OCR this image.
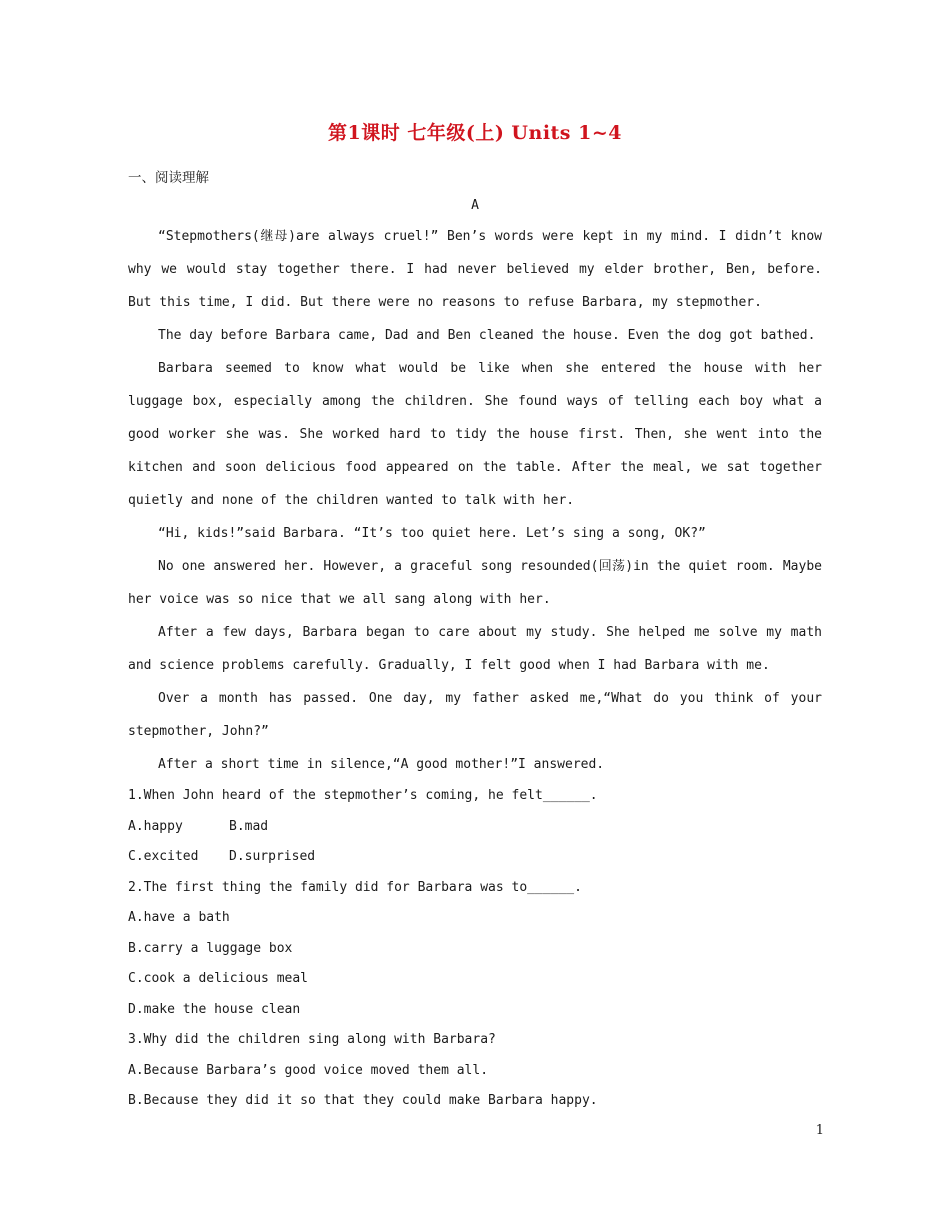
第1课时 七年级(上) Units 1~4
一、阅读理解
A

“Stepmothers(继母)are always cruel!” Ben’s words were kept in my mind. I didn’t know why we would stay together there. I had never believed my elder brother, Ben, before. But this time, I did. But there were no reasons to refuse Barbara, my stepmother.

The day before Barbara came, Dad and Ben cleaned the house. Even the dog got bathed.

Barbara seemed to know what would be like when she entered the house with her luggage box, especially among the children. She found ways of telling each boy what a good worker she was. She worked hard to tidy the house first. Then, she went into the kitchen and soon delicious food appeared on the table. After the meal, we sat together quietly and none of the children wanted to talk with her.

“Hi, kids!”said Barbara. “It’s too quiet here. Let’s sing a song, OK?”

No one answered her. However, a graceful song resounded(回荡)in the quiet room. Maybe her voice was so nice that we all sang along with her.

After a few days, Barbara began to care about my study. She helped me solve my math and science problems carefully. Gradually, I felt good when I had Barbara with me.

Over a month has passed. One day, my father asked me,“What do you think of your stepmother, John?”

After a short time in silence,“A good mother!”I answered.

1.When John heard of the stepmother’s coming, he felt______.

A.happy	B.mad

C.excited	D.surprised

2.The first thing the family did for Barbara was to______.

A.have a bath

B.carry a luggage box

C.cook a delicious meal

D.make the house clean

3.Why did the children sing along with Barbara?

A.Because Barbara’s good voice moved them all.

B.Because they did it so that they could make Barbara happy.

1
